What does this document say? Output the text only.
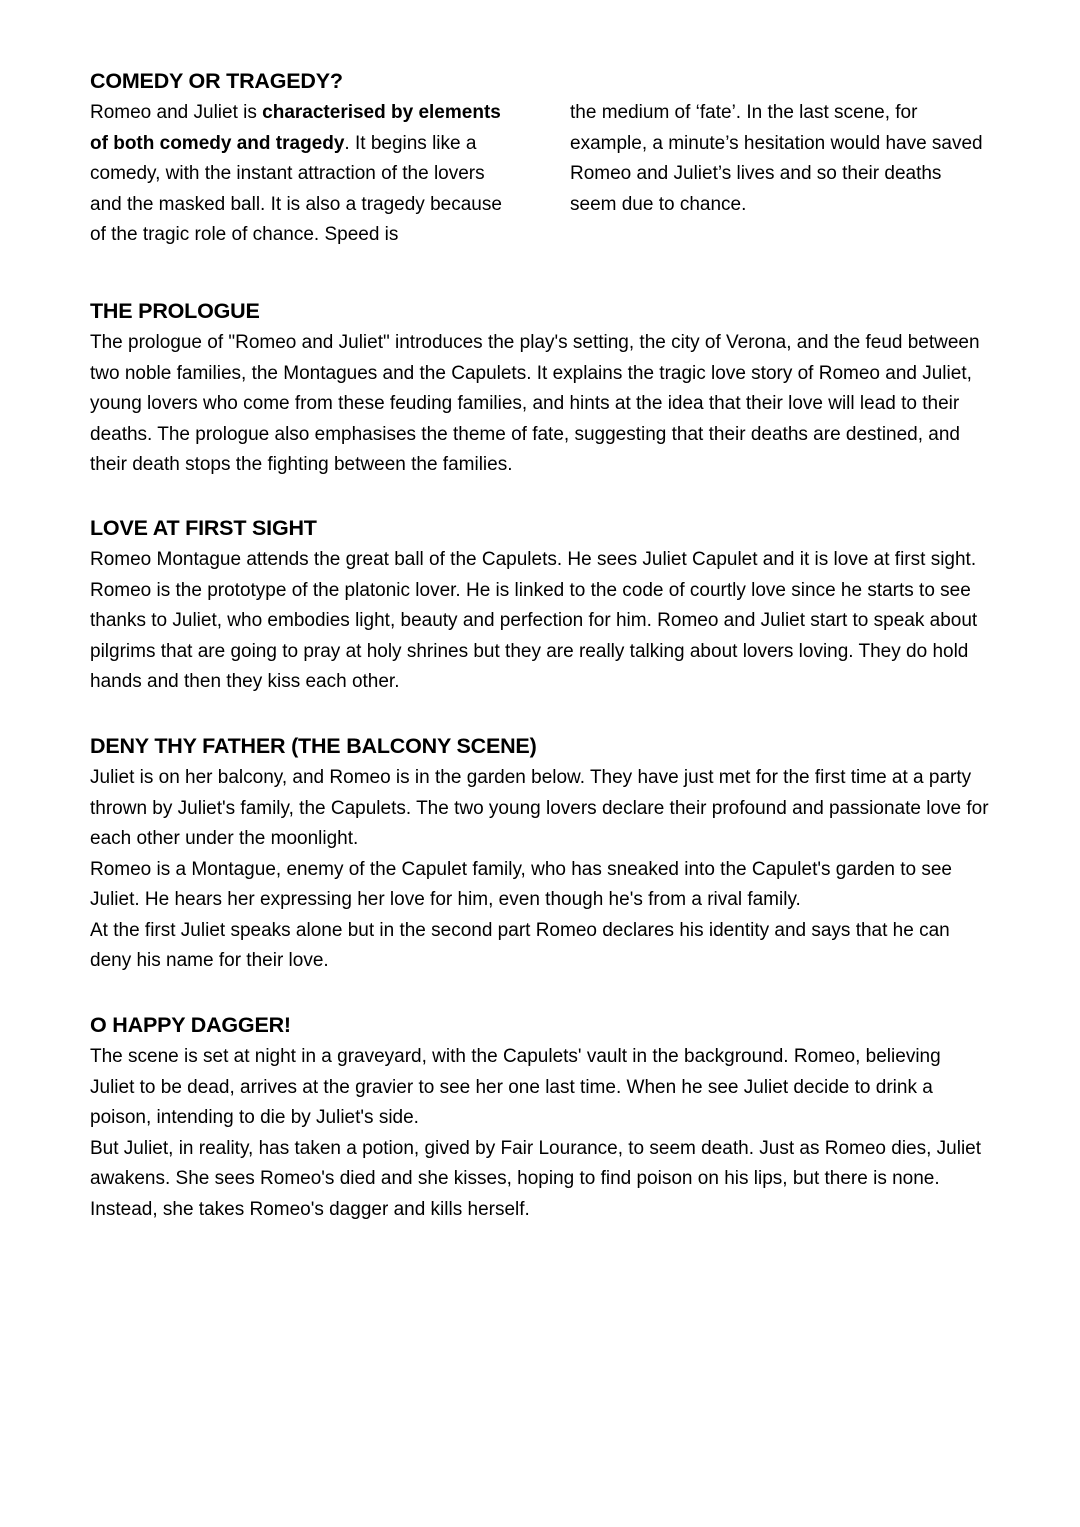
COMEDY OR TRAGEDY?

Romeo and Juliet is characterised by elements of both comedy and tragedy. It begins like a comedy, with the instant attraction of the lovers and the masked ball. It is also a tragedy because of the tragic role of chance. Speed is

the medium of ‘fate’. In the last scene, for example, a minute’s hesitation would have saved Romeo and Juliet’s lives and so their deaths seem due to chance.

THE PROLOGUE

The prologue of "Romeo and Juliet" introduces the play's setting, the city of Verona, and the feud between two noble families, the Montagues and the Capulets. It explains the tragic love story of Romeo and Juliet, young lovers who come from these feuding families, and hints at the idea that their love will lead to their deaths. The prologue also emphasises the theme of fate, suggesting that their deaths are destined, and their death stops the fighting between the families.

LOVE AT FIRST SIGHT

Romeo Montague attends the great ball of the Capulets. He sees Juliet Capulet and it is love at first sight. Romeo is the prototype of the platonic lover. He is linked to the code of courtly love since he starts to see thanks to Juliet, who embodies light, beauty and perfection for him. Romeo and Juliet start to speak about pilgrims that are going to pray at holy shrines but they are really talking about lovers loving. They do hold hands and then they kiss each other.

DENY THY FATHER (THE BALCONY SCENE)

Juliet is on her balcony, and Romeo is in the garden below. They have just met for the first time at a party thrown by Juliet's family, the Capulets. The two young lovers declare their profound and passionate love for each other under the moonlight.

Romeo is a Montague, enemy of the Capulet family, who has sneaked into the Capulet's garden to see Juliet. He hears her expressing her love for him, even though he's from a rival family.

At the first Juliet speaks alone but in the second part Romeo declares his identity and says that he can deny his name for their love.

O HAPPY DAGGER!

The scene is set at night in a graveyard, with the Capulets' vault in the background. Romeo, believing Juliet to be dead, arrives at the gravier to see her one last time. When he see Juliet decide to drink a poison, intending to die by Juliet's side.

But Juliet, in reality, has taken a potion, gived by Fair Lourance, to seem death. Just as Romeo dies, Juliet awakens. She sees Romeo's died and she kisses, hoping to find poison on his lips, but there is none. Instead, she takes Romeo's dagger and kills herself.
